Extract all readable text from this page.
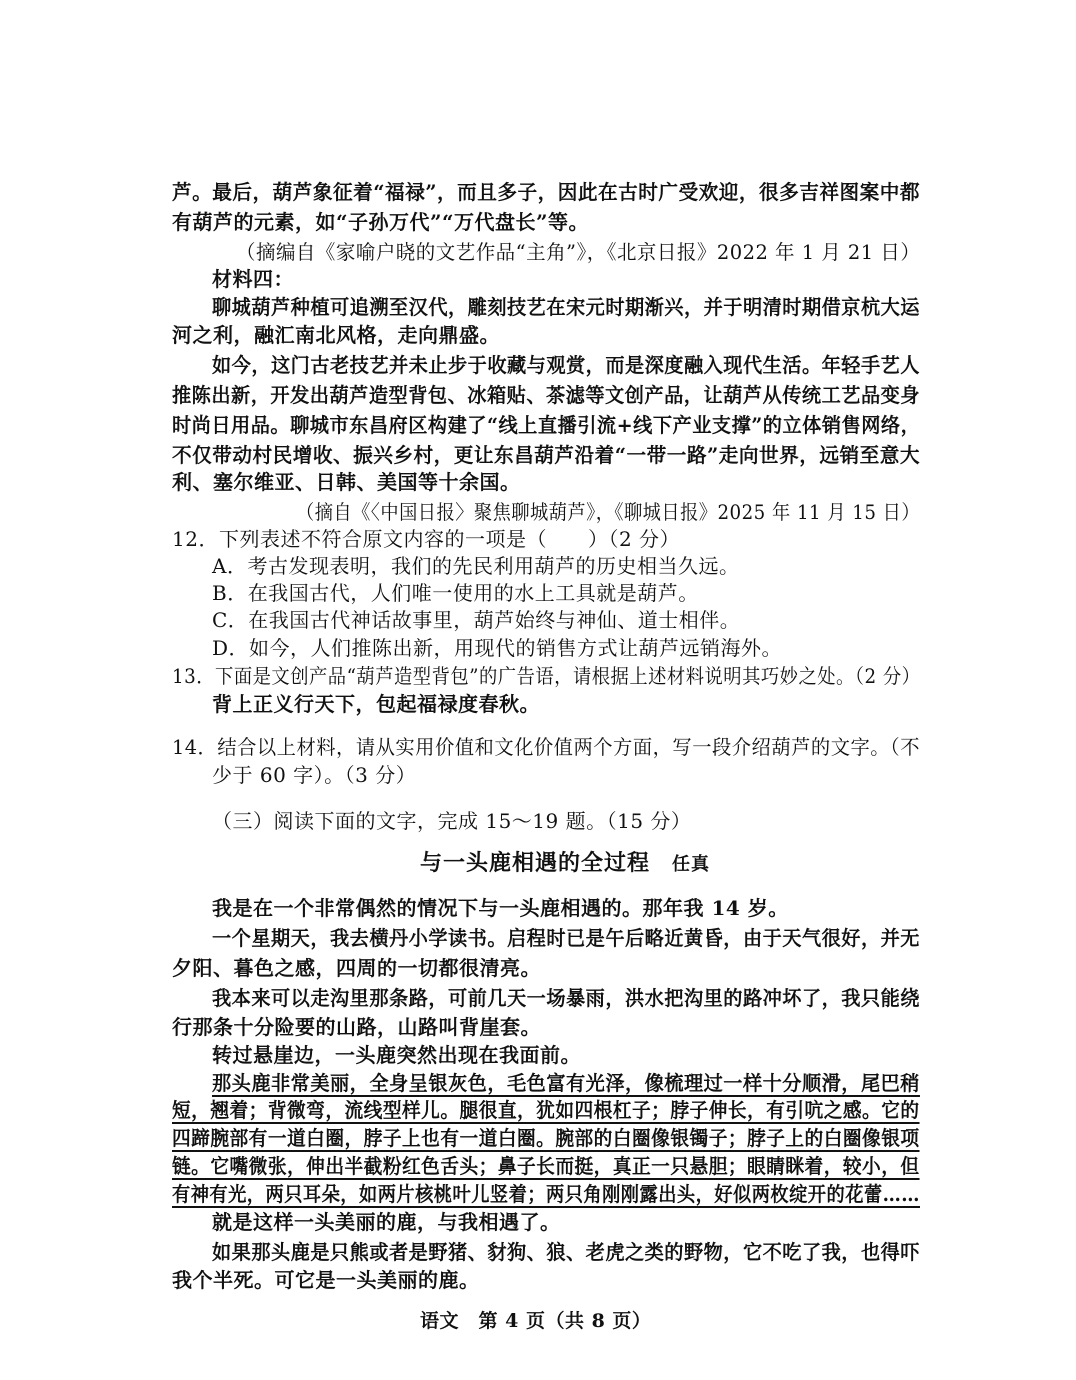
芦。最后，葫芦象征着“福禄”，而且多子，因此在古时广受欢迎，很多吉祥图案中都
有葫芦的元素，如“子孙万代”“万代盘长”等。
（摘编自《家喻户晓的文艺作品“主角”》，《北京日报》2022 年 1 月 21 日）
材料四：
聊城葫芦种植可追溯至汉代，雕刻技艺在宋元时期渐兴，并于明清时期借京杭大运
河之利，融汇南北风格，走向鼎盛。
如今，这门古老技艺并未止步于收藏与观赏，而是深度融入现代生活。年轻手艺人
推陈出新，开发出葫芦造型背包、冰箱贴、茶滤等文创产品，让葫芦从传统工艺品变身
时尚日用品。聊城市东昌府区构建了“线上直播引流+线下产业支撑”的立体销售网络，
不仅带动村民增收、振兴乡村，更让东昌葫芦沿着“一带一路”走向世界，远销至意大
利、塞尔维亚、日韩、美国等十余国。
（摘自《〈中国日报〉聚焦聊城葫芦》，《聊城日报》2025 年 11 月 15 日）
12．下列表述不符合原文内容的一项是（　　）（2 分）
A．考古发现表明，我们的先民利用葫芦的历史相当久远。
B．在我国古代，人们唯一使用的水上工具就是葫芦。
C．在我国古代神话故事里，葫芦始终与神仙、道士相伴。
D．如今，人们推陈出新，用现代的销售方式让葫芦远销海外。
13．下面是文创产品“葫芦造型背包”的广告语，请根据上述材料说明其巧妙之处。（2 分）
背上正义行天下，包起福禄度春秋。
14．结合以上材料，请从实用价值和文化价值两个方面，写一段介绍葫芦的文字。（不
少于 60 字）。（3 分）
（三）阅读下面的文字，完成 15～19 题。（15 分）
与一头鹿相遇的全过程 任真
我是在一个非常偶然的情况下与一头鹿相遇的。那年我 14 岁。
一个星期天，我去横丹小学读书。启程时已是午后略近黄昏，由于天气很好，并无
夕阳、暮色之感，四周的一切都很清亮。
我本来可以走沟里那条路，可前几天一场暴雨，洪水把沟里的路冲坏了，我只能绕
行那条十分险要的山路，山路叫背崖套。
转过悬崖边，一头鹿突然出现在我面前。
那头鹿非常美丽，全身呈银灰色，毛色富有光泽，像梳理过一样十分顺滑，尾巴稍
短，翘着；背微弯，流线型样儿。腿很直，犹如四根杠子；脖子伸长，有引吭之感。它的
四蹄腕部有一道白圈，脖子上也有一道白圈。腕部的白圈像银镯子；脖子上的白圈像银项
链。它嘴微张，伸出半截粉红色舌头；鼻子长而挺，真正一只悬胆；眼睛眯着，较小，但
有神有光，两只耳朵，如两片核桃叶儿竖着；两只角刚刚露出头，好似两枚绽开的花蕾……
就是这样一头美丽的鹿，与我相遇了。
如果那头鹿是只熊或者是野猪、豺狗、狼、老虎之类的野物，它不吃了我，也得吓
我个半死。可它是一头美丽的鹿。
语文　第 4 页（共 8 页）
